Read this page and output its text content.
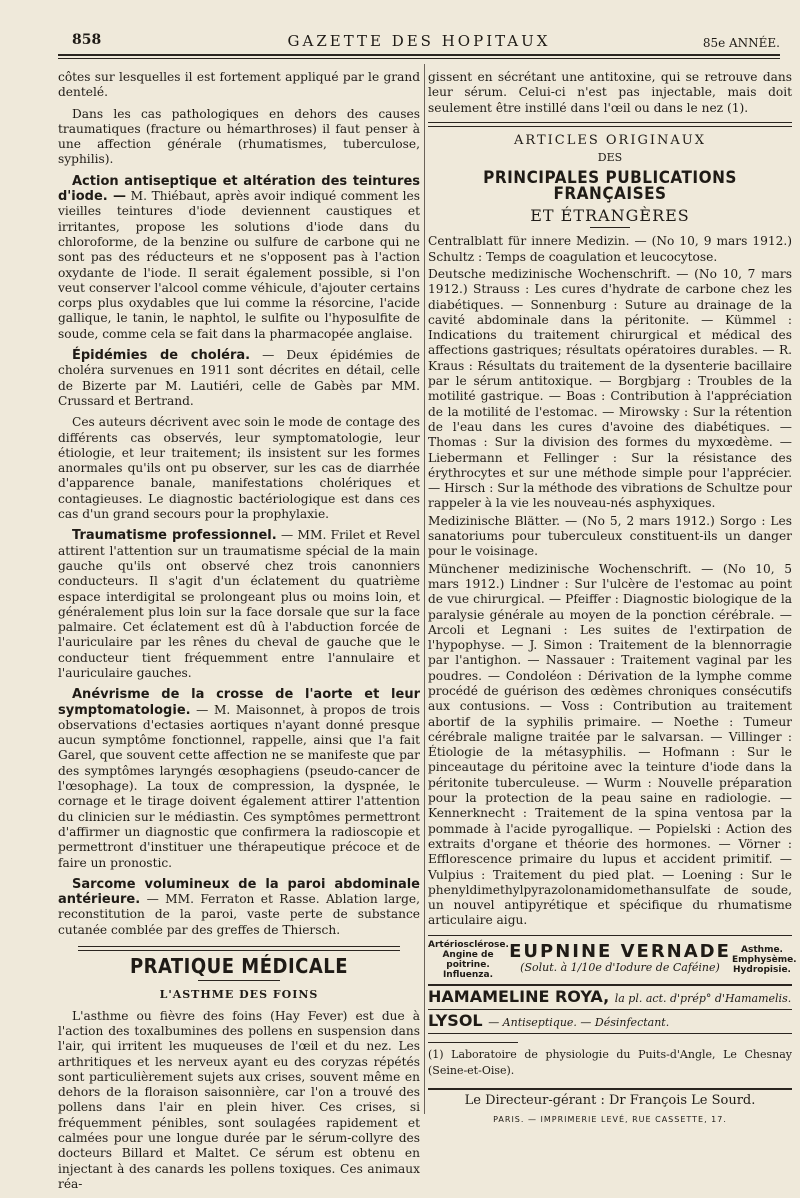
858	GAZETTE DES HOPITAUX	85e ANNÉE.

côtes sur lesquelles il est fortement appliqué par le grand dentelé.

Dans les cas pathologiques en dehors des causes traumatiques (fracture ou hémarthroses) il faut penser à une affection générale (rhumatismes, tuberculose, syphilis).

Action antiseptique et altération des teintures d'iode. — M. Thiébaut, après avoir indiqué comment les vieilles teintures d'iode deviennent caustiques et irritantes, propose les solutions d'iode dans du chloroforme, de la benzine ou sulfure de carbone qui ne sont pas des réducteurs et ne s'opposent pas à l'action oxydante de l'iode. Il serait également possible, si l'on veut conserver l'alcool comme véhicule, d'ajouter certains corps plus oxydables que lui comme la résorcine, l'acide gallique, le tanin, le naphtol, le sulfite ou l'hyposulfite de soude, comme cela se fait dans la pharmacopée anglaise.

Épidémies de choléra. — Deux épidémies de choléra survenues en 1911 sont décrites en détail, celle de Bizerte par M. Lautiéri, celle de Gabès par MM. Crussard et Bertrand.

Ces auteurs décrivent avec soin le mode de contage des différents cas observés, leur symptomatologie, leur étiologie, et leur traitement; ils insistent sur les formes anormales qu'ils ont pu observer, sur les cas de diarrhée d'apparence banale, manifestations cholériques et contagieuses. Le diagnostic bactériologique est dans ces cas d'un grand secours pour la prophylaxie.

Traumatisme professionnel. — MM. Frilet et Revel attirent l'attention sur un traumatisme spécial de la main gauche qu'ils ont observé chez trois canonniers conducteurs. Il s'agit d'un éclatement du quatrième espace interdigital se prolongeant plus ou moins loin, et généralement plus loin sur la face dorsale que sur la face palmaire. Cet éclatement est dû à l'abduction forcée de l'auriculaire par les rênes du cheval de gauche que le conducteur tient fréquemment entre l'annulaire et l'auriculaire gauches.

Anévrisme de la crosse de l'aorte et leur symptomatologie. — M. Maisonnet, à propos de trois observations d'ectasies aortiques n'ayant donné presque aucun symptôme fonctionnel, rappelle, ainsi que l'a fait Garel, que souvent cette affection ne se manifeste que par des symptômes laryngés œsophagiens (pseudo-cancer de l'œsophage). La toux de compression, la dyspnée, le cornage et le tirage doivent également attirer l'attention du clinicien sur le médiastin. Ces symptômes permettront d'affirmer un diagnostic que confirmera la radioscopie et permettront d'instituer une thérapeutique précoce et de faire un pronostic.

Sarcome volumineux de la paroi abdominale antérieure. — MM. Ferraton et Rasse. Ablation large, reconstitution de la paroi, vaste perte de substance cutanée comblée par des greffes de Thiersch.

PRATIQUE MÉDICALE

L'ASTHME DES FOINS

L'asthme ou fièvre des foins (Hay Fever) est due à l'action des toxalbumines des pollens en suspension dans l'air, qui irritent les muqueuses de l'œil et du nez. Les arthritiques et les nerveux ayant eu des coryzas répétés sont particulièrement sujets aux crises, souvent même en dehors de la floraison saisonnière, car l'on a trouvé des pollens dans l'air en plein hiver. Ces crises, si fréquemment pénibles, sont soulagées rapidement et calmées pour une longue durée par le sérum-collyre des docteurs Billard et Maltet. Ce sérum est obtenu en injectant à des canards les pollens toxiques. Ces animaux réa-

gissent en sécrétant une antitoxine, qui se retrouve dans leur sérum. Celui-ci n'est pas injectable, mais doit seulement être instillé dans l'œil ou dans le nez (1).

ARTICLES ORIGINAUX

DES

PRINCIPALES PUBLICATIONS FRANÇAISES
ET ÉTRANGÈRES

Centralblatt für innere Medizin. — (No 10, 9 mars 1912.) Schultz : Temps de coagulation et leucocytose.

Deutsche medizinische Wochenschrift. — (No 10, 7 mars 1912.) Strauss : Les cures d'hydrate de carbone chez les diabétiques. — Sonnenburg : Suture au drainage de la cavité abdominale dans la péritonite. — Kümmel : Indications du traitement chirurgical et médical des affections gastriques; résultats opératoires durables. — R. Kraus : Résultats du traitement de la dysenterie bacillaire par le sérum antitoxique. — Borgbjarg : Troubles de la motilité gastrique. — Boas : Contribution à l'appréciation de la motilité de l'estomac. — Mirowsky : Sur la rétention de l'eau dans les cures d'avoine des diabétiques. — Thomas : Sur la division des formes du myxœdème. — Liebermann et Fellinger : Sur la résistance des érythrocytes et sur une méthode simple pour l'apprécier. — Hirsch : Sur la méthode des vibrations de Schultze pour rappeler à la vie les nouveau-nés asphyxiques.

Medizinische Blätter. — (No 5, 2 mars 1912.) Sorgo : Les sanatoriums pour tuberculeux constituent-ils un danger pour le voisinage.

Münchener medizinische Wochenschrift. — (No 10, 5 mars 1912.) Lindner : Sur l'ulcère de l'estomac au point de vue chirurgical. — Pfeiffer : Diagnostic biologique de la paralysie générale au moyen de la ponction cérébrale. — Arcoli et Legnani : Les suites de l'extirpation de l'hypophyse. — J. Simon : Traitement de la blennorragie par l'antighon. — Nassauer : Traitement vaginal par les poudres. — Condoléon : Dérivation de la lymphe comme procédé de guérison des œdèmes chroniques consécutifs aux contusions. — Voss : Contribution au traitement abortif de la syphilis primaire. — Noethe : Tumeur cérébrale maligne traitée par le salvarsan. — Villinger : Étiologie de la métasyphilis. — Hofmann : Sur le pinceautage du péritoine avec la teinture d'iode dans la péritonite tuberculeuse. — Wurm : Nouvelle préparation pour la protection de la peau saine en radiologie. — Kennerknecht : Traitement de la spina ventosa par la pommade à l'acide pyrogallique. — Popielski : Action des extraits d'organe et théorie des hormones. — Vörner : Efflorescence primaire du lupus et accident primitif. — Vulpius : Traitement du pied plat. — Loening : Sur le phenyldimethylpyrazolonamidomethansulfate de soude, un nouvel antipyrétique et spécifique du rhumatisme articulaire aigu.

Artériosclérose. Angine de poitrine. Influenza.
EUPNINE VERNADE
(Solut. à 1/10e d'Iodure de Caféine)
Asthme. Emphysème. Hydropisie.
HAMAMELINE ROYA, la pl. act. d'prép° d'Hamamelis.
LYSOL — Antiseptique. — Désinfectant.

(1) Laboratoire de physiologie du Puits-d'Angle, Le Chesnay (Seine-et-Oise).

Le Directeur-gérant : Dr François Le Sourd.
PARIS. — IMPRIMERIE LEVÉ, RUE CASSETTE, 17.
